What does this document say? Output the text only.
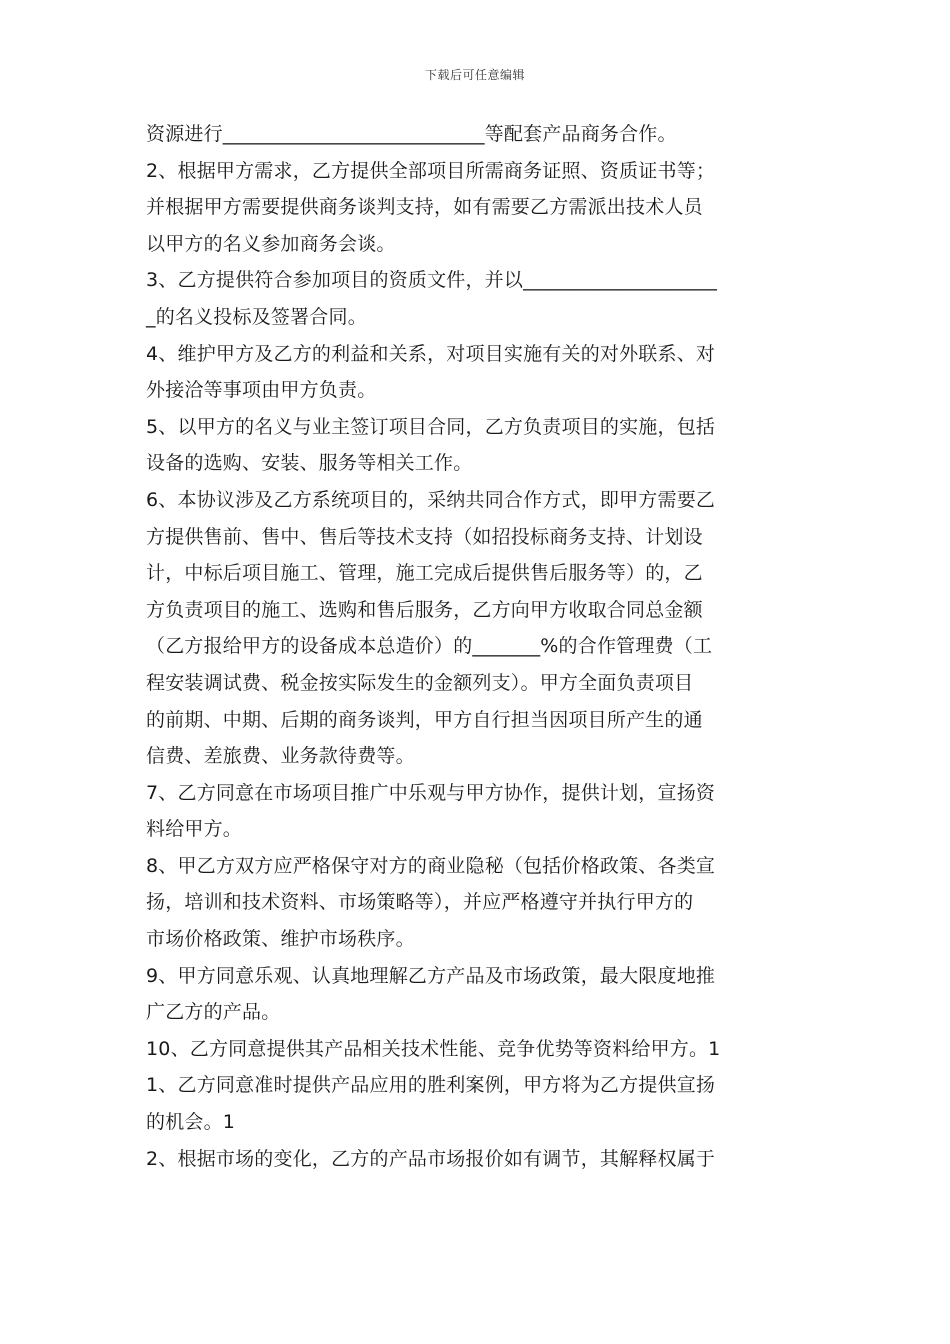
下载后可任意编辑
资源进行___________________________等配套产品商务合作。
2、根据甲方需求，乙方提供全部项目所需商务证照、资质证书等；
并根据甲方需要提供商务谈判支持，如有需要乙方需派出技术人员
以甲方的名义参加商务会谈。
3、乙方提供符合参加项目的资质文件，并以____________________
_的名义投标及签署合同。
4、维护甲方及乙方的利益和关系，对项目实施有关的对外联系、对
外接洽等事项由甲方负责。
5、以甲方的名义与业主签订项目合同，乙方负责项目的实施，包括
设备的选购、安装、服务等相关工作。
6、本协议涉及乙方系统项目的，采纳共同合作方式，即甲方需要乙
方提供售前、售中、售后等技术支持（如招投标商务支持、计划设
计，中标后项目施工、管理，施工完成后提供售后服务等）的，乙
方负责项目的施工、选购和售后服务，乙方向甲方收取合同总金额
（乙方报给甲方的设备成本总造价）的_______%的合作管理费（工
程安装调试费、税金按实际发生的金额列支）。甲方全面负责项目
的前期、中期、后期的商务谈判，甲方自行担当因项目所产生的通
信费、差旅费、业务款待费等。
7、乙方同意在市场项目推广中乐观与甲方协作，提供计划，宣扬资
料给甲方。
8、甲乙方双方应严格保守对方的商业隐秘（包括价格政策、各类宣
扬，培训和技术资料、市场策略等），并应严格遵守并执行甲方的
市场价格政策、维护市场秩序。
9、甲方同意乐观、认真地理解乙方产品及市场政策，最大限度地推
广乙方的产品。
10、乙方同意提供其产品相关技术性能、竞争优势等资料给甲方。1
1、乙方同意准时提供产品应用的胜利案例，甲方将为乙方提供宣扬
的机会。1
2、根据市场的变化，乙方的产品市场报价如有调节，其解释权属于
